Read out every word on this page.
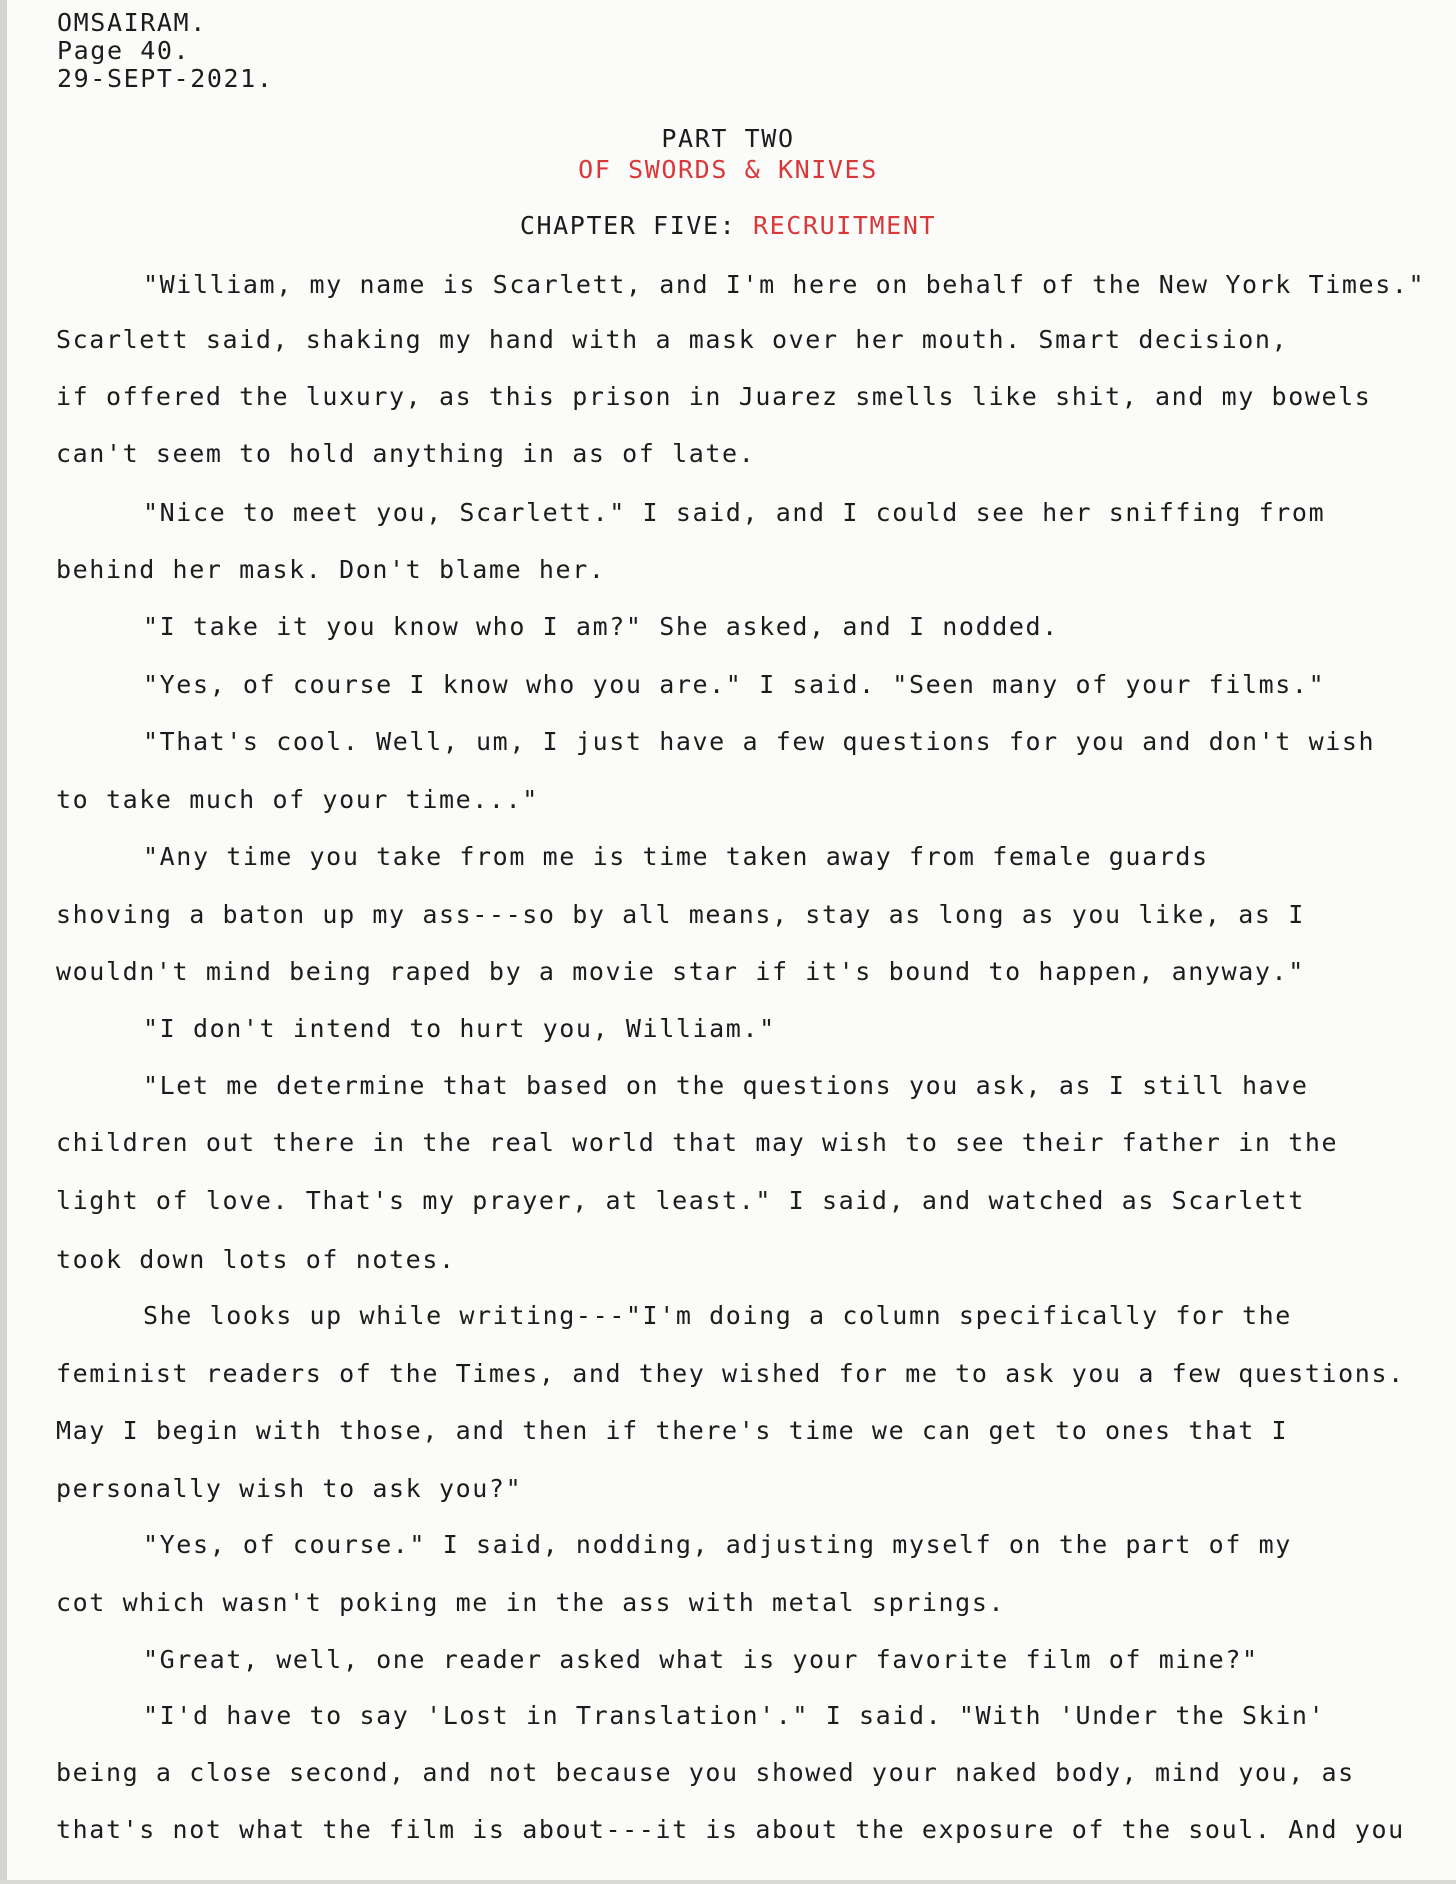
OMSAIRAM.
Page 40.
29-SEPT-2021.
PART TWO
OF SWORDS & KNIVES
CHAPTER FIVE: RECRUITMENT
"William, my name is Scarlett, and I'm here on behalf of the New York Times."
Scarlett said, shaking my hand with a mask over her mouth. Smart decision,
if offered the luxury, as this prison in Juarez smells like shit, and my bowels
can't seem to hold anything in as of late.
"Nice to meet you, Scarlett." I said, and I could see her sniffing from
behind her mask. Don't blame her.
"I take it you know who I am?" She asked, and I nodded.
"Yes, of course I know who you are." I said. "Seen many of your films."
"That's cool. Well, um, I just have a few questions for you and don't wish
to take much of your time..."
"Any time you take from me is time taken away from female guards
shoving a baton up my ass---so by all means, stay as long as you like, as I
wouldn't mind being raped by a movie star if it's bound to happen, anyway."
"I don't intend to hurt you, William."
"Let me determine that based on the questions you ask, as I still have
children out there in the real world that may wish to see their father in the
light of love. That's my prayer, at least." I said, and watched as Scarlett
took down lots of notes.
She looks up while writing---"I'm doing a column specifically for the
feminist readers of the Times, and they wished for me to ask you a few questions.
May I begin with those, and then if there's time we can get to ones that I
personally wish to ask you?"
"Yes, of course." I said, nodding, adjusting myself on the part of my
cot which wasn't poking me in the ass with metal springs.
"Great, well, one reader asked what is your favorite film of mine?"
"I'd have to say 'Lost in Translation'." I said. "With 'Under the Skin'
being a close second, and not because you showed your naked body, mind you, as
that's not what the film is about---it is about the exposure of the soul. And you
